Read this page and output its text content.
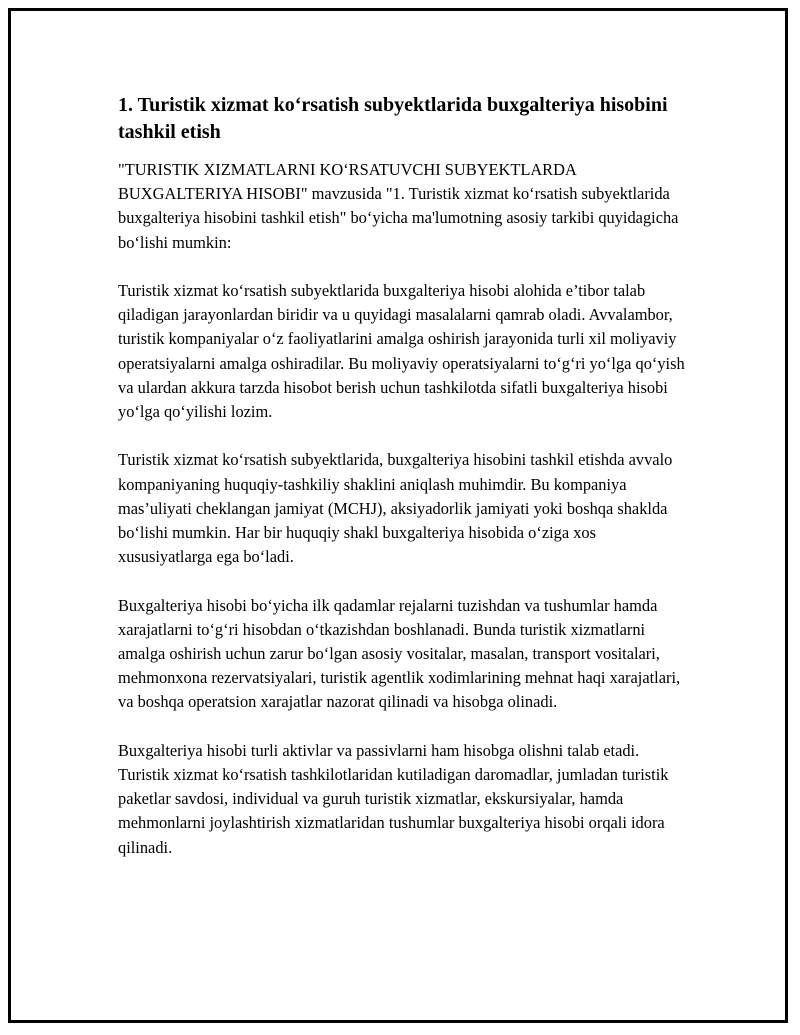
1. Turistik xizmat ko‘rsatish subyektlarida buxgalteriya hisobini tashkil etish

"TURISTIK XIZMATLARNI KO‘RSATUVCHI SUBYEKTLARDA BUXGALTERIYA HISOBI" mavzusida "1. Turistik xizmat ko‘rsatish subyektlarida buxgalteriya hisobini tashkil etish" bo‘yicha ma'lumotning asosiy tarkibi quyidagicha bo‘lishi mumkin:

Turistik xizmat ko‘rsatish subyektlarida buxgalteriya hisobi alohida e’tibor talab qiladigan jarayonlardan biridir va u quyidagi masalalarni qamrab oladi. Avvalambor, turistik kompaniyalar o‘z faoliyatlarini amalga oshirish jarayonida turli xil moliyaviy operatsiyalarni amalga oshiradilar. Bu moliyaviy operatsiyalarni to‘g‘ri yo‘lga qo‘yish va ulardan akkura tarzda hisobot berish uchun tashkilotda sifatli buxgalteriya hisobi yo‘lga qo‘yilishi lozim.

Turistik xizmat ko‘rsatish subyektlarida, buxgalteriya hisobini tashkil etishda avvalo kompaniyaning huquqiy-tashkiliy shaklini aniqlash muhimdir. Bu kompaniya mas’uliyati cheklangan jamiyat (MCHJ), aksiyadorlik jamiyati yoki boshqa shaklda bo‘lishi mumkin. Har bir huquqiy shakl buxgalteriya hisobida o‘ziga xos xususiyatlarga ega bo‘ladi.

Buxgalteriya hisobi bo‘yicha ilk qadamlar rejalarni tuzishdan va tushumlar hamda xarajatlarni to‘g‘ri hisobdan o‘tkazishdan boshlanadi. Bunda turistik xizmatlarni amalga oshirish uchun zarur bo‘lgan asosiy vositalar, masalan, transport vositalari, mehmonxona rezervatsiyalari, turistik agentlik xodimlarining mehnat haqi xarajatlari, va boshqa operatsion xarajatlar nazorat qilinadi va hisobga olinadi.

Buxgalteriya hisobi turli aktivlar va passivlarni ham hisobga olishni talab etadi. Turistik xizmat ko‘rsatish tashkilotlaridan kutiladigan daromadlar, jumladan turistik paketlar savdosi, individual va guruh turistik xizmatlar, ekskursiyalar, hamda mehmonlarni joylashtirish xizmatlaridan tushumlar buxgalteriya hisobi orqali idora qilinadi.
